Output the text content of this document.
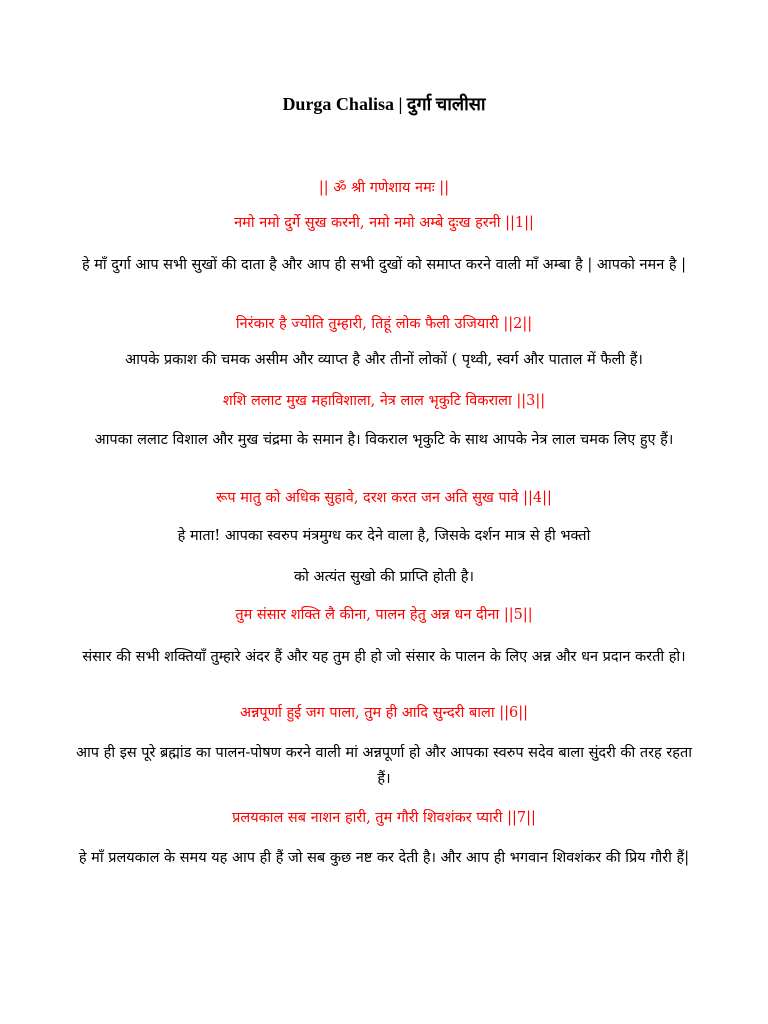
Durga Chalisa | दुर्गा चालीसा
|| ॐ श्री गणेशाय नमः ||
नमो नमो दुर्गे सुख करनी, नमो नमो अम्बे दुःख हरनी ||1||
हे माँ दुर्गा आप सभी सुखों की दाता है और आप ही सभी दुखों को समाप्त करने वाली माँ अम्बा है | आपको नमन है |
निरंकार है ज्योति तुम्हारी, तिहूं लोक फैली उजियारी ||2||
आपके प्रकाश की चमक असीम और व्याप्त है और तीनों लोकों ( पृथ्वी, स्वर्ग और पाताल में फैली हैं।
शशि ललाट मुख महाविशाला, नेत्र लाल भृकुटि विकराला ||3||
आपका ललाट विशाल और मुख चंद्रमा के समान है। विकराल भृकुटि के साथ आपके नेत्र लाल चमक लिए हुए हैं।
रूप मातु को अधिक सुहावे, दरश करत जन अति सुख पावे ||4||
हे माता! आपका स्वरुप मंत्रमुग्ध कर देने वाला है, जिसके दर्शन मात्र से ही भक्तो
को अत्यंत सुखो की प्राप्ति होती है।
तुम संसार शक्ति लै कीना, पालन हेतु अन्न धन दीना ||5||
संसार की सभी शक्तियाँ तुम्हारे अंदर हैं और यह तुम ही हो जो संसार के पालन के लिए अन्न और धन प्रदान करती हो।
अन्नपूर्णा हुई जग पाला, तुम ही आदि सुन्दरी बाला ||6||
आप ही इस पूरे ब्रह्मांड का पालन-पोषण करने वाली मां अन्नपूर्णा हो और आपका स्वरुप सदेव बाला सुंदरी की तरह रहता हैं।
प्रलयकाल सब नाशन हारी, तुम गौरी शिवशंकर प्यारी ||7||
हे माँ प्रलयकाल के समय यह आप ही हैं जो सब कुछ नष्ट कर देती है। और आप ही भगवान शिवशंकर की प्रिय गौरी हैं|
